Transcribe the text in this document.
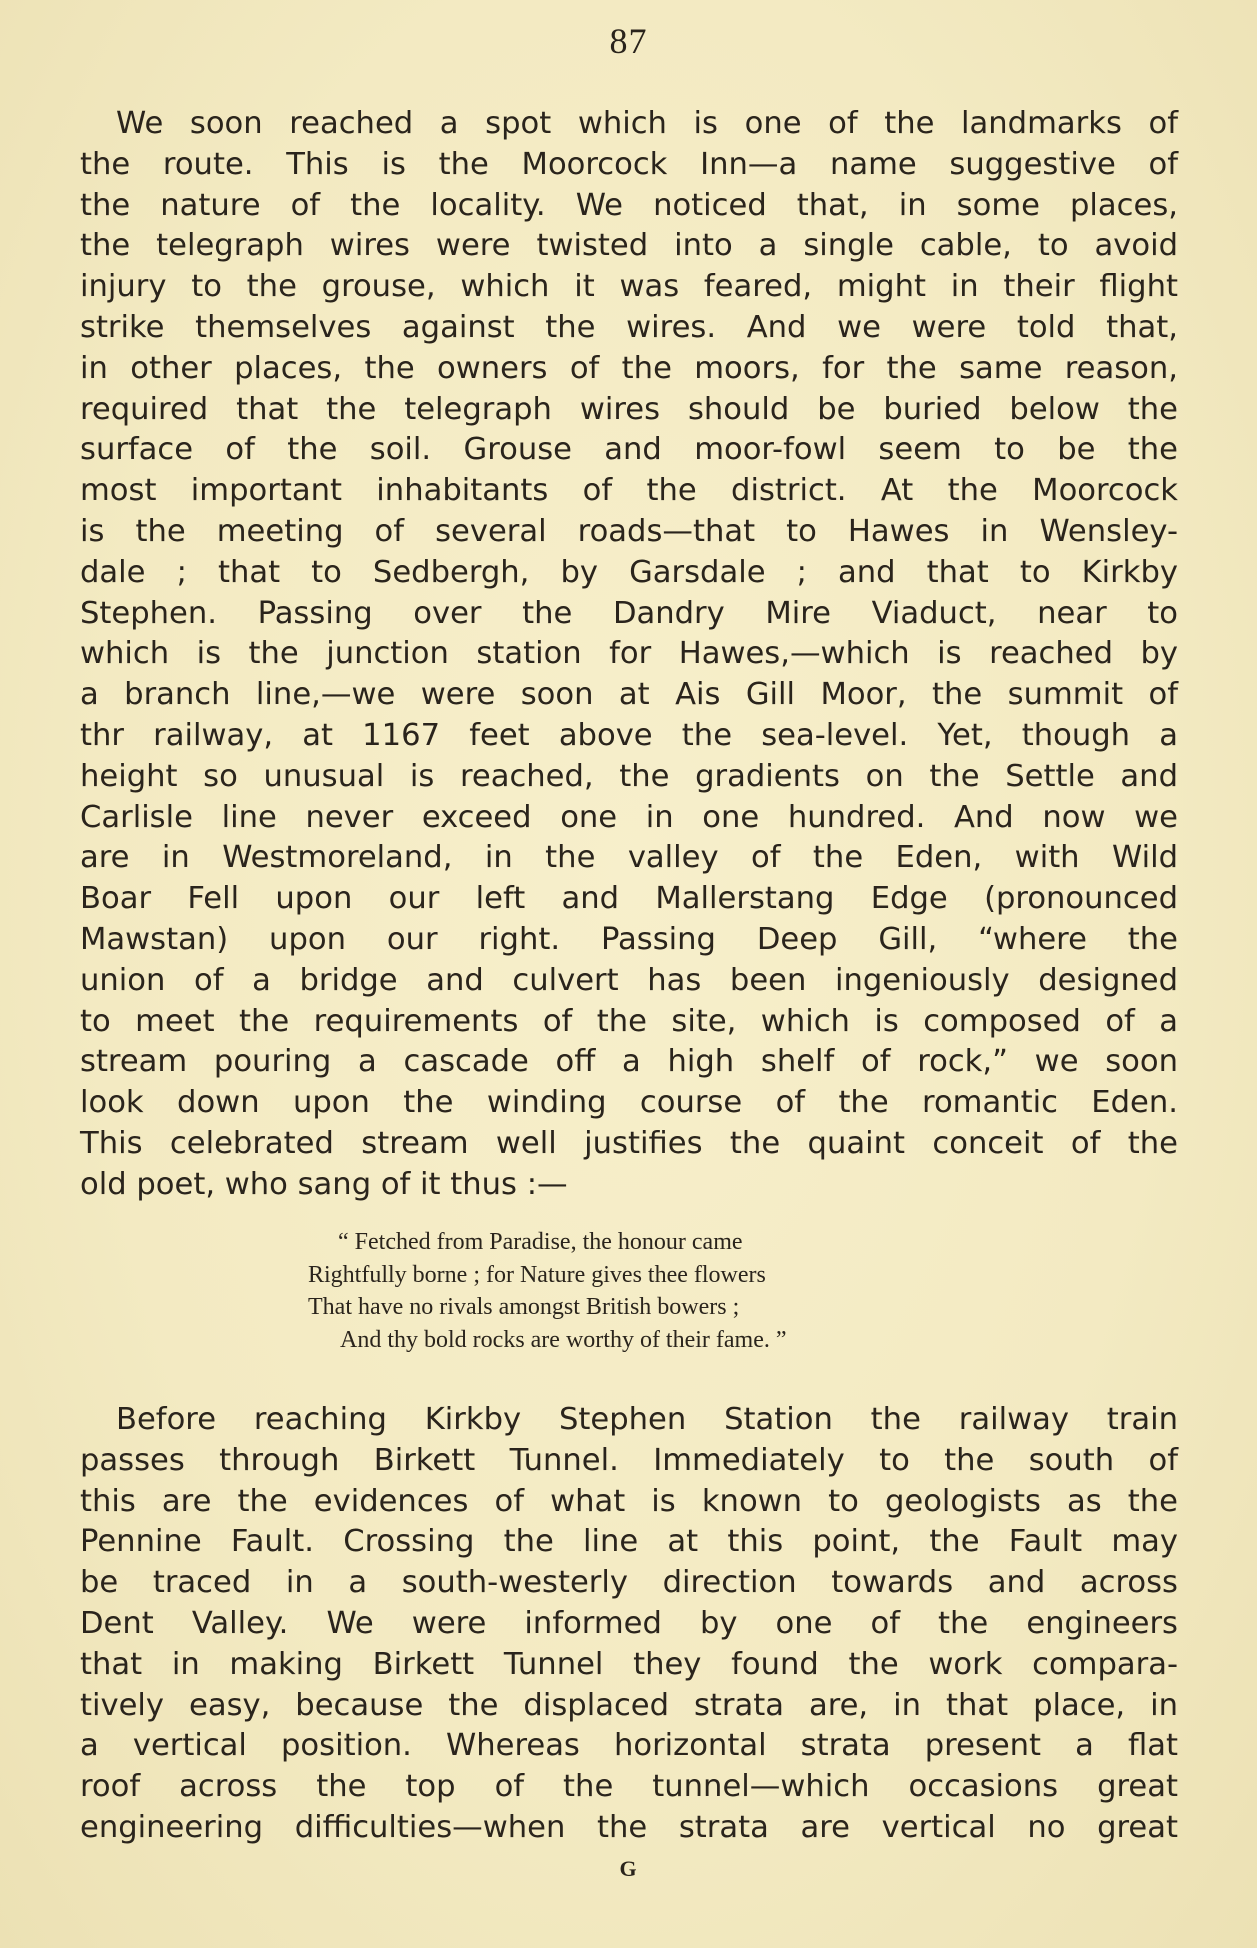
87
We soon reached a spot which is one of the landmarks of
the route. This is the Moorcock Inn—a name suggestive of
the nature of the locality. We noticed that, in some places,
the telegraph wires were twisted into a single cable, to avoid
injury to the grouse, which it was feared, might in their flight
strike themselves against the wires. And we were told that,
in other places, the owners of the moors, for the same reason,
required that the telegraph wires should be buried below the
surface of the soil. Grouse and moor-fowl seem to be the
most important inhabitants of the district. At the Moorcock
is the meeting of several roads—that to Hawes in Wensley-
dale ; that to Sedbergh, by Garsdale ; and that to Kirkby
Stephen. Passing over the Dandry Mire Viaduct, near to
which is the junction station for Hawes,—which is reached by
a branch line,—we were soon at Ais Gill Moor, the summit of
thr railway, at 1167 feet above the sea-level. Yet, though a
height so unusual is reached, the gradients on the Settle and
Carlisle line never exceed one in one hundred. And now we
are in Westmoreland, in the valley of the Eden, with Wild
Boar Fell upon our left and Mallerstang Edge (pronounced
Mawstan) upon our right. Passing Deep Gill, “where the
union of a bridge and culvert has been ingeniously designed
to meet the requirements of the site, which is composed of a
stream pouring a cascade off a high shelf of rock,” we soon
look down upon the winding course of the romantic Eden.
This celebrated stream well justifies the quaint conceit of the
old poet, who sang of it thus :—
“ Fetched from Paradise, the honour came
Rightfully borne ; for Nature gives thee flowers
That have no rivals amongst British bowers ;
And thy bold rocks are worthy of their fame. ”
Before reaching Kirkby Stephen Station the railway train
passes through Birkett Tunnel. Immediately to the south of
this are the evidences of what is known to geologists as the
Pennine Fault. Crossing the line at this point, the Fault may
be traced in a south-westerly direction towards and across
Dent Valley. We were informed by one of the engineers
that in making Birkett Tunnel they found the work compara-
tively easy, because the displaced strata are, in that place, in
a vertical position. Whereas horizontal strata present a flat
roof across the top of the tunnel—which occasions great
engineering difficulties—when the strata are vertical no great
G
